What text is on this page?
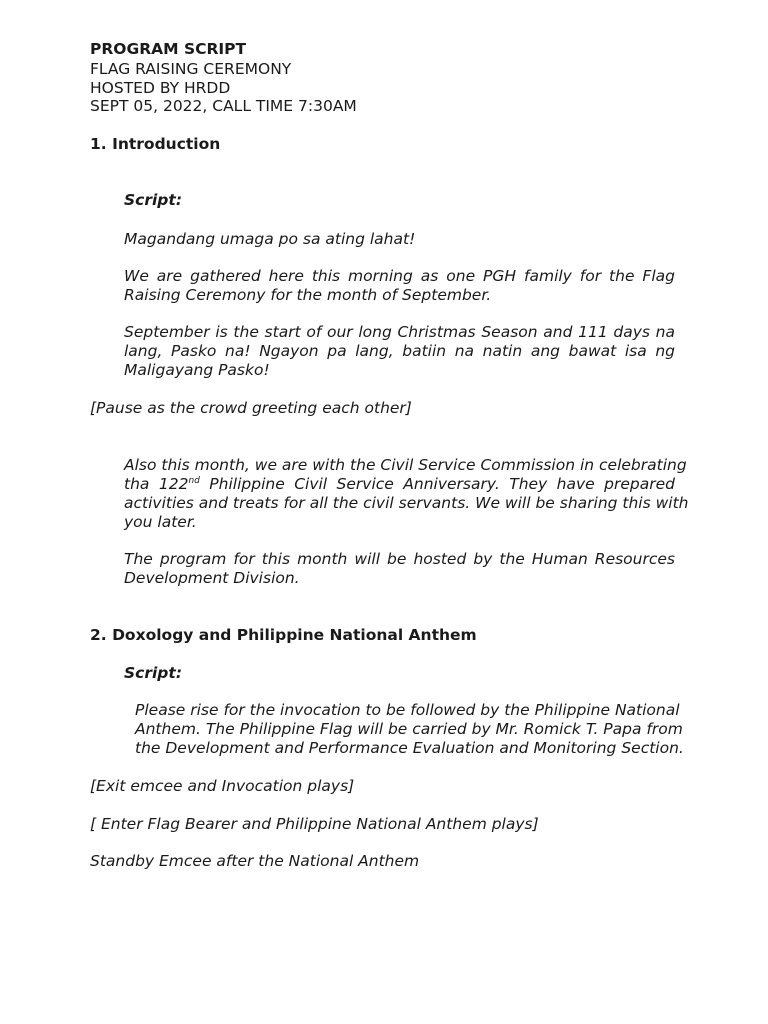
PROGRAM SCRIPT
FLAG RAISING CEREMONY
HOSTED BY HRDD
SEPT 05, 2022, CALL TIME 7:30AM
1. Introduction
Script:
Magandang umaga po sa ating lahat!
We are gathered here this morning as one PGH family for the Flag
Raising Ceremony for the month of September.
September is the start of our long Christmas Season and 111 days na
lang, Pasko na! Ngayon pa lang, batiin na natin ang bawat isa ng
Maligayang Pasko!
[Pause as the crowd greeting each other]
Also this month, we are with the Civil Service Commission in celebrating
tha 122nd Philippine Civil Service Anniversary. They have prepared
activities and treats for all the civil servants. We will be sharing this with
you later.
The program for this month will be hosted by the Human Resources
Development Division.
2. Doxology and Philippine National Anthem
Script:
Please rise for the invocation to be followed by the Philippine National
Anthem. The Philippine Flag will be carried by Mr. Romick T. Papa from
the Development and Performance Evaluation and Monitoring Section.
[Exit emcee and Invocation plays]
[ Enter Flag Bearer and Philippine National Anthem plays]
Standby Emcee after the National Anthem
